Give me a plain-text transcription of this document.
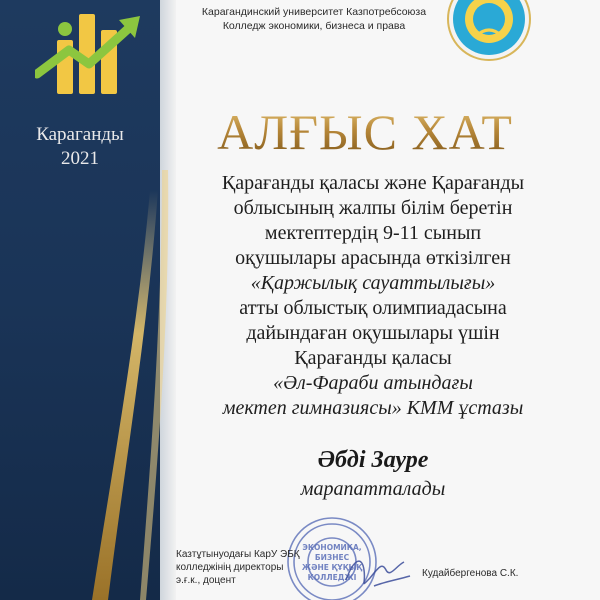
Караганды
2021
Карагандинский университет Казпотребсоюза
Колледж экономики, бизнеса и права
АЛҒЫС ХАТ
Қарағанды қаласы және Қарағанды
облысының жалпы білім беретін
мектептердің 9-11 сынып
оқушылары арасында өткізілген
«Қаржылық сауаттылығы»
атты облыстық олимпиадасына
дайындаған оқушылары үшін
Қарағанды қаласы
«Әл-Фараби атындағы
мектеп гимназиясы» КММ ұстазы
Әбді Зауре
марапатталады
ЭКОНОМИКА,
БИЗНЕС
ЖӘНЕ ҚҰҚЫҚ
КОЛЛЕДЖІ
Казтұтынуодағы КарУ ЭБҚ
колледжінің директоры
э.ғ.к., доцент
Кудайбергенова С.К.
